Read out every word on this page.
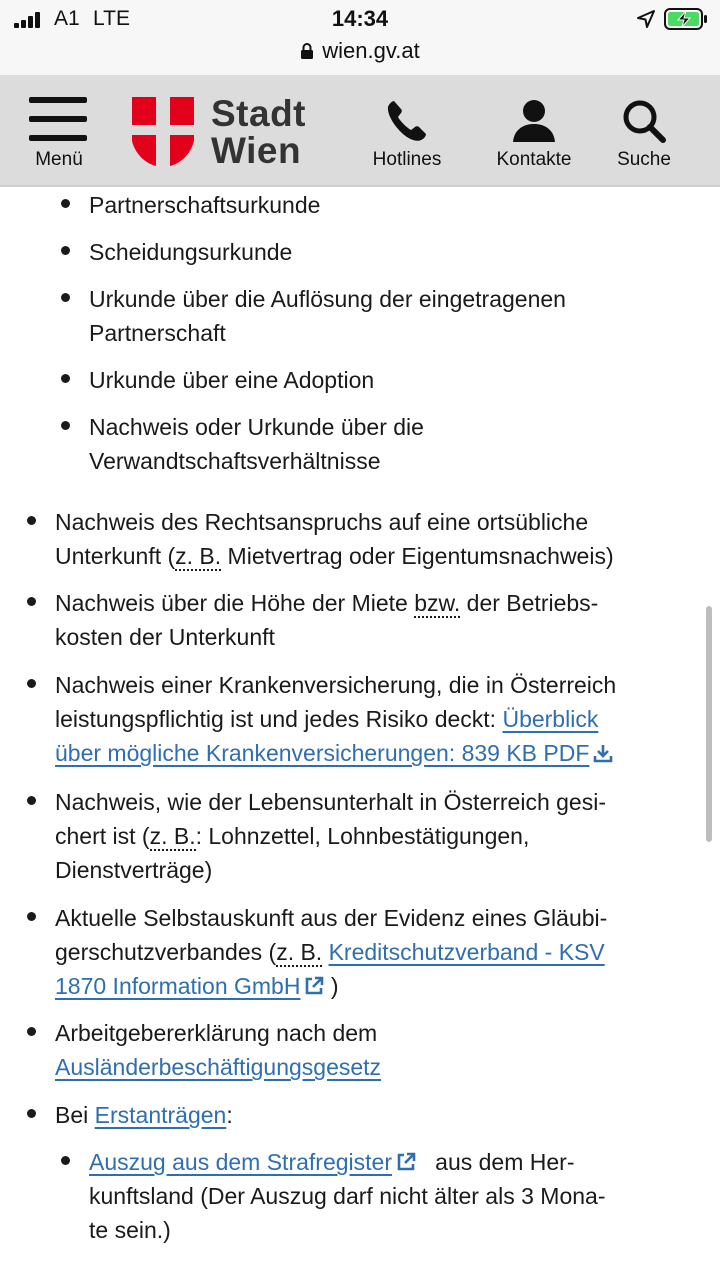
A1 LTE	14:34
wien.gv.at
Menü
Stadt
Wien	Hotlines	Kontakte	Suche
Partnerschaftsurkunde
Scheidungsurkunde
Urkunde über die Auflösung der eingetragenen
Partnerschaft
Urkunde über eine Adoption
Nachweis oder Urkunde über die
Verwandtschaftsverhältnisse
Nachweis des Rechtsanspruchs auf eine ortsübliche
Unterkunft (z. B. Mietvertrag oder Eigentumsnachweis)
Nachweis über die Höhe der Miete bzw. der Betriebs-
kosten der Unterkunft
Nachweis einer Krankenversicherung, die in Österreich
leistungspflichtig ist und jedes Risiko deckt: Überblick
über mögliche Krankenversicherungen: 839 KB PDF
Nachweis, wie der Lebensunterhalt in Österreich gesi-
chert ist (z. B.: Lohnzettel, Lohnbestätigungen,
Dienstverträge)
Aktuelle Selbstauskunft aus der Evidenz eines Gläubi-
gerschutzverbandes (z. B. Kreditschutzverband - KSV
1870 Information GmbH )
Arbeitgebererklärung nach dem
Ausländerbeschäftigungsgesetz
Bei Erstanträgen:
Auszug aus dem Strafregister aus dem Her-
kunftsland (Der Auszug darf nicht älter als 3 Mona-
te sein.)
